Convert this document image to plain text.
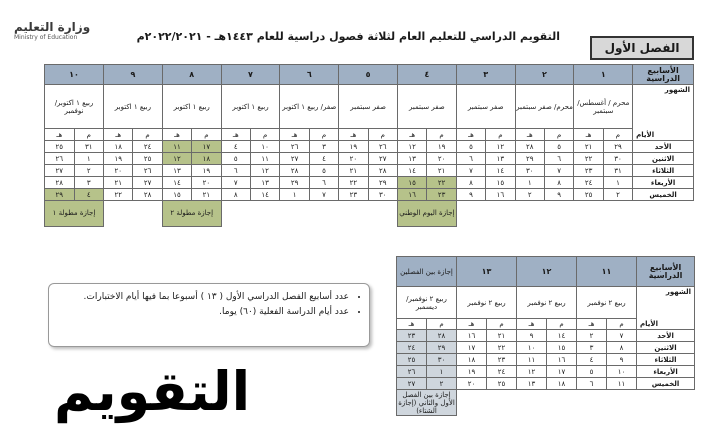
وزارة التعليم
Ministry of Education	التقويم الدراسي للتعليم العام لثلاثة فصول دراسية للعام ١٤٤٣هـ - ٢٠٢٢/٢٠٢١م
الفصل الأول
الأسابيع الدراسية	١		٢		٣		٤		٥		٦		٧		٨		٩		١٠	

الشهور
الأيام	محرم / أغسطس/ سبتمبر		محرم/ صفر سبتمبر		صفر سبتمبر		صفر سبتمبر		صفر سبتمبر		صفر/ ربيع ١ اكتوبر		ربيع ١ اكتوبر		ربيع ١ اكتوبر		ربيع ١ اكتوبر		ربيع ١ اكتوبر/ نوفمبر	
	م	هـ	م	هـ	م	هـ	م	هـ	م	هـ	م	هـ	م	هـ	م	هـ	م	هـ	م	هـ
الأحد	٢٩	٢١	٥	٢٨	١٢	٥	١٩	١٢	٢٦	١٩	٣	٢٦	١٠	٤	١٧	١١	٢٤	١٨	٣١	٢٥
الاثنين	٣٠	٢٢	٦	٢٩	١٣	٦	٢٠	١٣	٢٧	٢٠	٤	٢٧	١١	٥	١٨	١٢	٢٥	١٩	١	٢٦
الثلاثاء	٣١	٢٣	٧	٣٠	١٤	٧	٢١	١٤	٢٨	٢١	٥	٢٨	١٢	٦	١٩	١٣	٢٦	٢٠	٢	٢٧
الأربعاء	١	٢٤	٨	١	١٥	٨	٢٢	١٥	٢٩	٢٢	٦	٢٩	١٣	٧	٢٠	١٤	٢٧	٢١	٣	٢٨
الخميس	٢	٢٥	٩	٢	١٦	٩	٢٣	١٦	٣٠	٢٣	٧	١	١٤	٨	٢١	١٥	٢٨	٢٢	٤	٢٩
							إجازة اليوم الوطني								إجازة مطولة ٢				إجازة مطولة ١	
الأسابيع الدراسية	١١		١٢		١٣		إجازة بين الفصلين	

الشهور
الأيام	ربيع ٢ نوفمبر		ربيع ٢ نوفمبر		ربيع ٢ نوفمبر		ربيع ٢ نوفمبر/ ديسمبر	
	م	هـ	م	هـ	م	هـ	م	هـ
الأحد	٧	٢	١٤	٩	٢١	١٦	٢٨	٢٣
الاثنين	٨	٣	١٥	١٠	٢٢	١٧	٢٩	٢٤
الثلاثاء	٩	٤	١٦	١١	٢٣	١٨	٣٠	٢٥
الأربعاء	١٠	٥	١٧	١٢	٢٤	١٩	١	٢٦
الخميس	١١	٦	١٨	١٣	٢٥	٢٠	٢	٢٧
							إجازة بين الفصل الأول والثاني (إجازة الشتاء)	
• عدد أسابيع الفصل الدراسي الأول ( ١٣ ) أسبوعا بما فيها أيام الاختبارات.
• عدد أيام الدراسة الفعلية (٦٠) يوما.
التقويم
